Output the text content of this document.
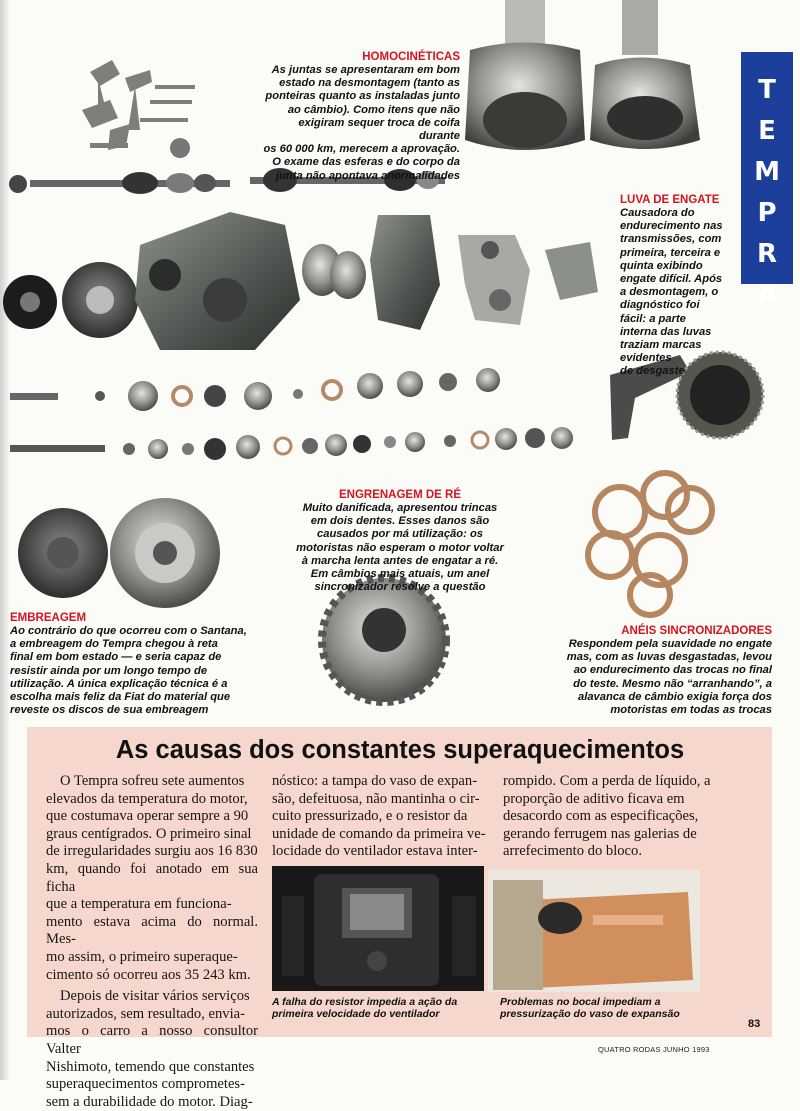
T
E
M
P
R
A
HOMOCINÉTICAS
As juntas se apresentaram em bom
estado na desmontagem (tanto as
ponteiras quanto as instaladas junto
ao câmbio). Como itens que não
exigiram sequer troca de coifa durante
os 60 000 km, merecem a aprovação.
O exame das esferas e do corpo da
junta não apontava anormalidades
LUVA DE ENGATE
Causadora do
endurecimento nas
transmissões, com
primeira, terceira e
quinta exibindo
engate difícil. Após
a desmontagem, o
diagnóstico foi
fácil: a parte
interna das luvas
traziam marcas
evidentes
de desgaste
ENGRENAGEM DE RÉ
Muito danificada, apresentou trincas
em dois dentes. Esses danos são
causados por má utilização: os
motoristas não esperam o motor voltar
à marcha lenta antes de engatar a ré.
Em câmbios mais atuais, um anel
sincronizador resolve a questão
EMBREAGEM
Ao contrário do que ocorreu com o Santana,
a embreagem do Tempra chegou à reta
final em bom estado — e seria capaz de
resistir ainda por um longo tempo de
utilização. A única explicação técnica é a
escolha mais feliz da Fiat do material que
reveste os discos de sua embreagem
ANÉIS SINCRONIZADORES
Respondem pela suavidade no engate
mas, com as luvas desgastadas, levou
ao endurecimento das trocas no final
do teste. Mesmo não “arranhando”, a
alavanca de câmbio exigia força dos
motoristas em todas as trocas
As causas dos constantes superaquecimentos
O Tempra sofreu sete aumentos
elevados da temperatura do motor,
que costumava operar sempre a 90
graus centígrados. O primeiro sinal
de irregularidades surgiu aos 16 830
km, quando foi anotado em sua ficha
que a temperatura em funciona-
mento estava acima do normal. Mes-
mo assim, o primeiro superaque-
cimento só ocorreu aos 35 243 km.
Depois de visitar vários serviços
autorizados, sem resultado, envia-
mos o carro a nosso consultor Valter
Nishimoto, temendo que constantes
superaquecimentos comprometes-
sem a durabilidade do motor. Diag-
nóstico: a tampa do vaso de expan-
são, defeituosa, não mantinha o cir-
cuito pressurizado, e o resistor da
unidade de comando da primeira ve-
locidade do ventilador estava inter-
rompido. Com a perda de líquido, a
proporção de aditivo ficava em
desacordo com as especificações,
gerando ferrugem nas galerias de
arrefecimento do bloco.
A falha do resistor impedia a ação da
primeira velocidade do ventilador
Problemas no bocal impediam a
pressurização do vaso de expansão
83
QUATRO RODAS JUNHO 1993
